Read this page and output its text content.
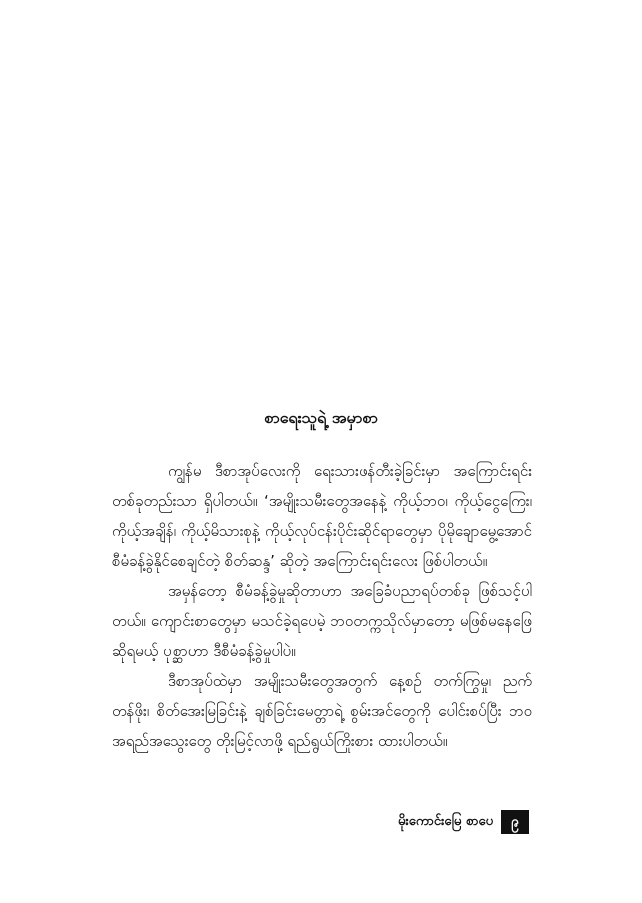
စာရေးသူရဲ့ အမှာစာ

ကျွန်မ ဒီစာအုပ်လေးကို ရေးသားဖန်တီးခဲ့ခြင်းမှာ အကြောင်းရင်း တစ်ခုတည်းသာ ရှိပါတယ်။ ‘အမျိုးသမီးတွေအနေနဲ့ ကိုယ့်ဘဝ၊ ကိုယ့်ငွေကြေး၊ ကိုယ့်အချိန်၊ ကိုယ့်မိသားစုနဲ့ ကိုယ့်လုပ်ငန်းပိုင်းဆိုင်ရာတွေမှာ ပိုမိုချောမွေ့အောင် စီမံခန့်ခွဲနိုင်စေချင်တဲ့ စိတ်ဆန္ဒ’ ဆိုတဲ့ အကြောင်းရင်းလေး ဖြစ်ပါတယ်။

အမှန်တော့ စီမံခန့်ခွဲမှုဆိုတာဟာ အခြေခံပညာရပ်တစ်ခု ဖြစ်သင့်ပါတယ်။ ကျောင်းစာတွေမှာ မသင်ခဲ့ရပေမဲ့ ဘဝတက္ကသိုလ်မှာတော့ မဖြစ်မနေဖြေဆိုရမယ့် ပုစ္ဆာဟာ ဒီစီမံခန့်ခွဲမှုပါပဲ။

ဒီစာအုပ်ထဲမှာ အမျိုးသမီးတွေအတွက် နေ့စဉ် တက်ကြွမှု၊ ညက်တန်ဖိုး၊ စိတ်အေးမြခြင်းနဲ့ ချစ်ခြင်းမေတ္တာရဲ့ စွမ်းအင်တွေကို ပေါင်းစပ်ပြီး ဘဝအရည်အသွေးတွေ တိုးမြင့်လာဖို့ ရည်ရွယ်ကြိုးစား ထားပါတယ်။

မိုးကောင်းမြေ စာပေ	၉
